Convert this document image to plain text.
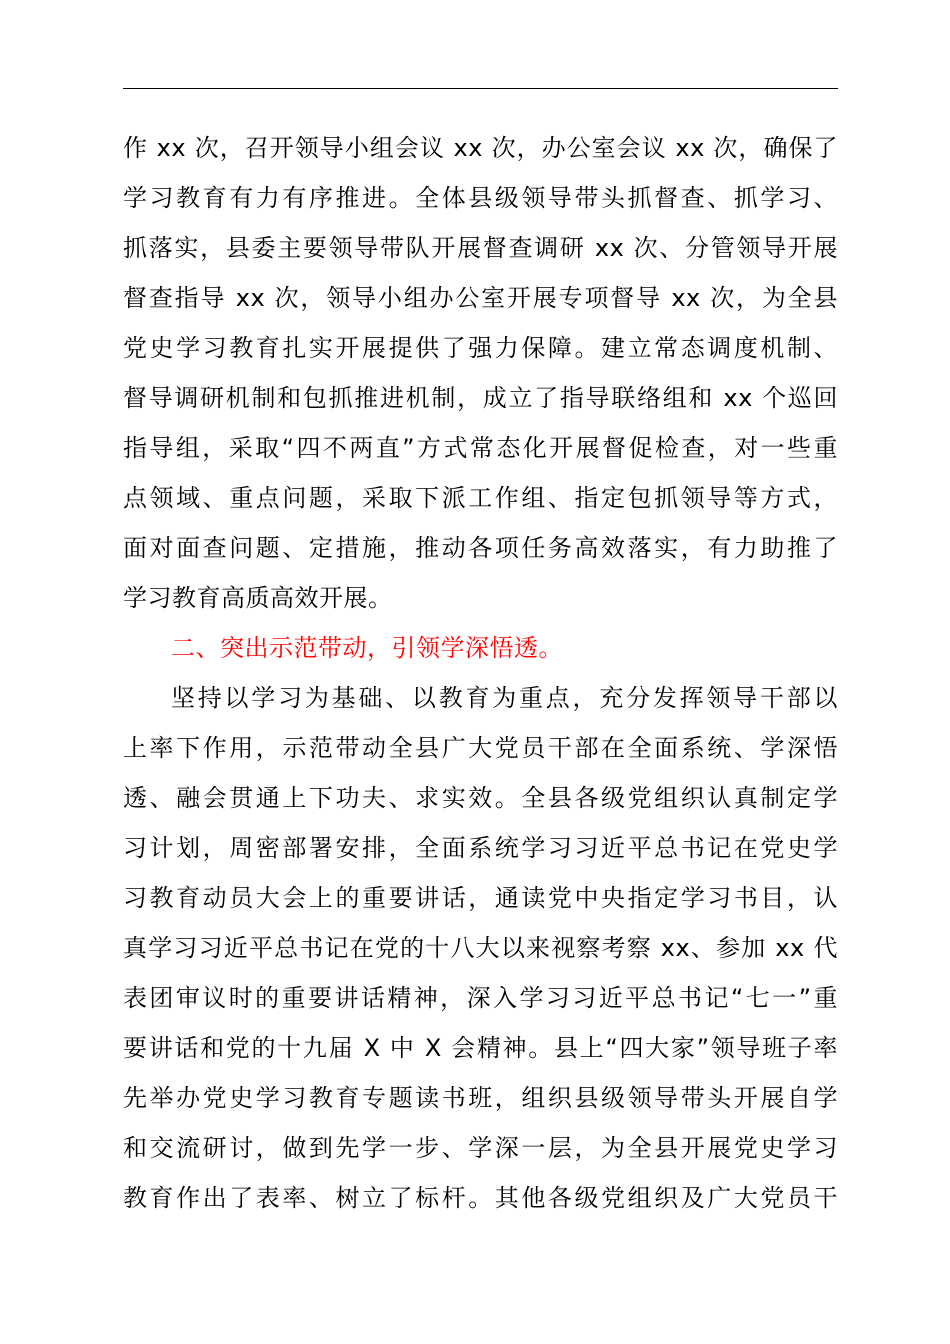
作 xx 次，召开领导小组会议 xx 次，办公室会议 xx 次，确保了
学习教育有力有序推进。全体县级领导带头抓督查、抓学习、
抓落实，县委主要领导带队开展督查调研 xx 次、分管领导开展
督查指导 xx 次，领导小组办公室开展专项督导 xx 次，为全县
党史学习教育扎实开展提供了强力保障。建立常态调度机制、
督导调研机制和包抓推进机制，成立了指导联络组和 xx 个巡回
指导组，采取“四不两直”方式常态化开展督促检查，对一些重
点领域、重点问题，采取下派工作组、指定包抓领导等方式，
面对面查问题、定措施，推动各项任务高效落实，有力助推了
学习教育高质高效开展。
二、突出示范带动，引领学深悟透。
坚持以学习为基础、以教育为重点，充分发挥领导干部以
上率下作用，示范带动全县广大党员干部在全面系统、学深悟
透、融会贯通上下功夫、求实效。全县各级党组织认真制定学
习计划，周密部署安排，全面系统学习习近平总书记在党史学
习教育动员大会上的重要讲话，通读党中央指定学习书目，认
真学习习近平总书记在党的十八大以来视察考察 xx、参加 xx 代
表团审议时的重要讲话精神，深入学习习近平总书记“七一”重
要讲话和党的十九届 X 中 X 会精神。县上“四大家”领导班子率
先举办党史学习教育专题读书班，组织县级领导带头开展自学
和交流研讨，做到先学一步、学深一层，为全县开展党史学习
教育作出了表率、树立了标杆。其他各级党组织及广大党员干
